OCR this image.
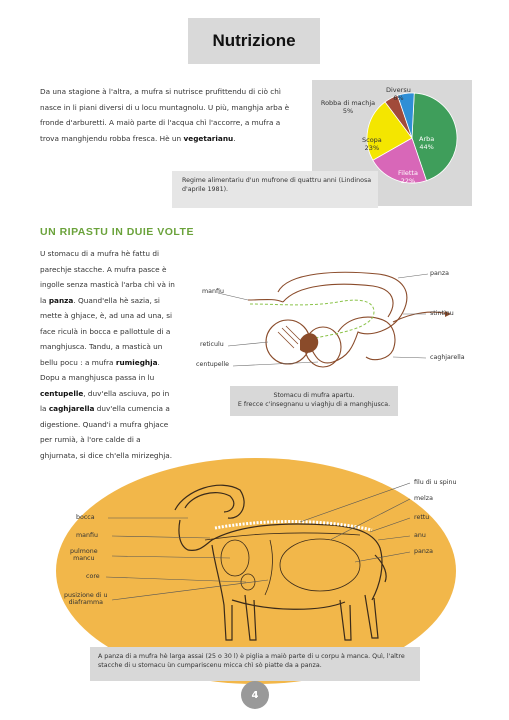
Nutrizione
Da una stagione à l'altra, a mufra si nutrisce prufittendu di ciò chì nasce in li piani diversi di u locu muntagnolu. U più, manghja arba è fronde d'arburetti. A maiò parte di l'acqua chì l'accorre, a mufra a trova manghjendu robba fresca. Hè un vegetarianu.
Diversu
6%
Robba di machja
5%
Scopa
23%
Arba
44%
Filetta
22%
Regime alimentariu d'un mufrone di quattru anni (Lindinosa d'aprile 1981).
UN RIPASTU IN DUIE VOLTE
U stomacu di a mufra hè fattu di parechje stacche. A mufra pasce è ingolle senza masticà l'arba chì và in la panza. Quand'ella hè sazia, si mette à ghjace, è, ad una ad una, si face riculà in bocca e pallottule di a manghjusca. Tandu, a masticà un bellu pocu : a mufra rumieghja. Dopu a manghjusca passa in lu centupelle, duv'ella asciuva, po in la caghjarella duv'ella cumencia a digestione. Quand'i a mufra ghjace per rumià, à l'ore calde di a ghjurnata, si dice ch'ella mirizeghja.
panza
manfiu
stintinu
reticulu
centupelle
caghjarella
Stomacu di mufra apartu.
E frecce c'insegnanu u viaghju di a manghjusca.
bocca
manfiu
pulmone
mancu
core
pusizione di u
diaframma
filu di u spinu
melza
rettu
anu
panza
A panza di a mufra hè larga assai (25 o 30 l) è piglia a maiò parte di u corpu à manca. Quì, l'altre stacche di u stomacu ùn cumpariscenu micca chì sò piatte da a panza.
4
